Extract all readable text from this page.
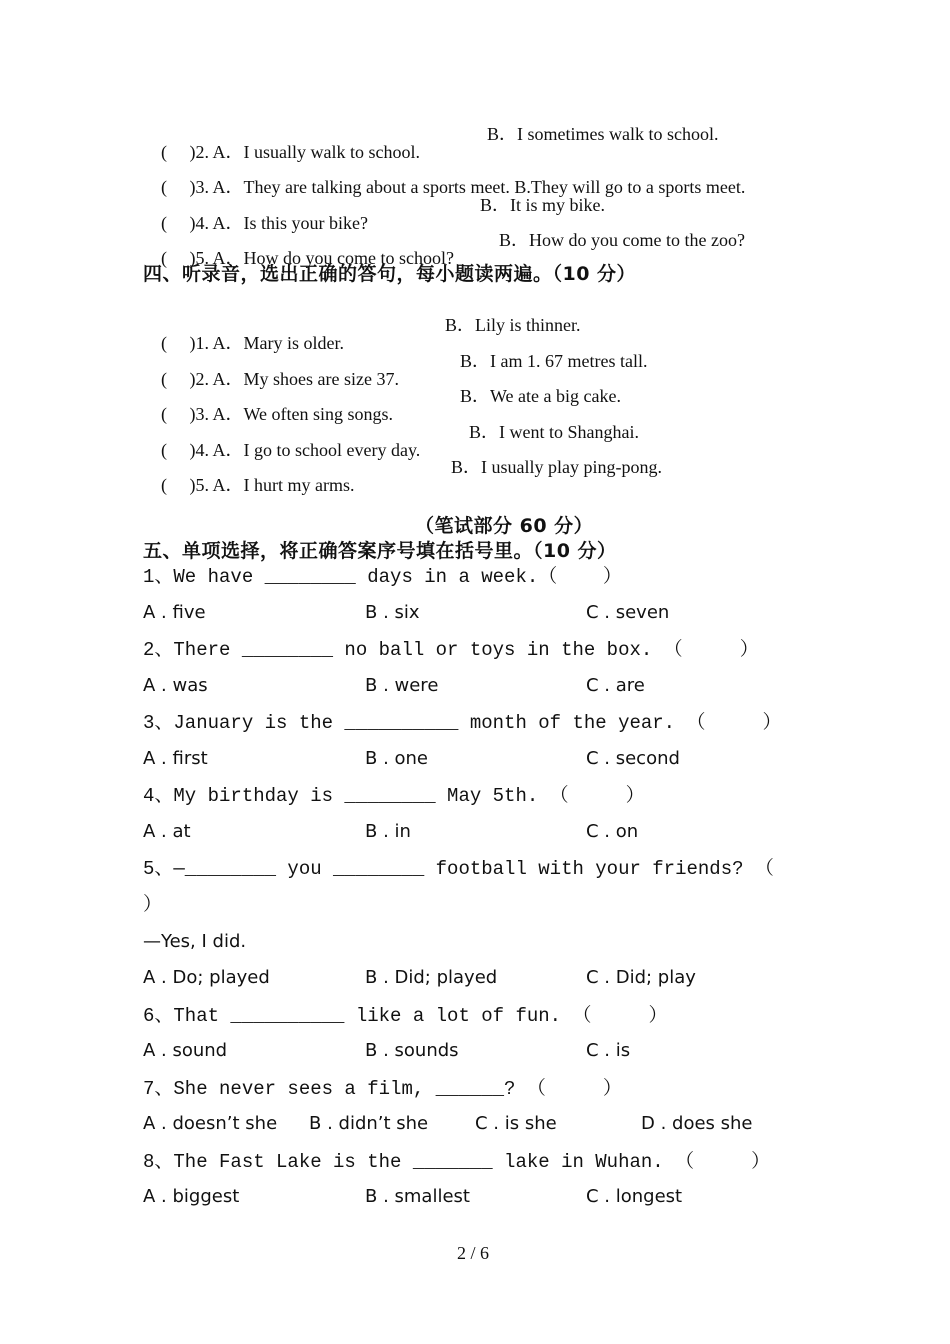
(     )2. A．I usually walk to school.

B．I sometimes walk to school.

(     )3. A．They are talking about a sports meet. B.They will go to a sports meet.

(     )4. A．Is this your bike?

B．It is my bike.

(     )5. A．How do you come to school?

B．How do you come to the zoo?
四、听录音，选出正确的答句，每小题读两遍。（10 分）

(     )1. A．Mary is older.

B．Lily is thinner.

(     )2. A．My shoes are size 37.

B．I am 1. 67 metres tall.

(     )3. A．We often sing songs.

B．We ate a big cake.

(     )4. A．I go to school every day.

B．I went to Shanghai.

(     )5. A．I hurt my arms.

B．I usually play ping-pong.
（笔试部分 60 分）
五、单项选择，将正确答案序号填在括号里。（10 分）
1、We have ________ days in a week.（    ）
A . five	B . six	C . seven
2、There ________ no ball or toys in the box. （     ）
A . was	B . were	C . are
3、January is the __________ month of the year. （     ）
A . first	B . one	C . second
4、My birthday is ________ May 5th. （     ）
A . at	B . in	C . on
5、—________ you ________ football with your friends? （
）
—Yes, I did.
A . Do; played	B . Did; played	C . Did; play
6、That __________ like a lot of fun. （     ）
A . sound	B . sounds	C . is
7、She never sees a film, ______? （     ）
A . doesn’t she B . didn’t she	C . is she	D . does she
8、The Fast Lake is the _______ lake in Wuhan. （     ）
A . biggest	B . smallest	C . longest
2 / 6
